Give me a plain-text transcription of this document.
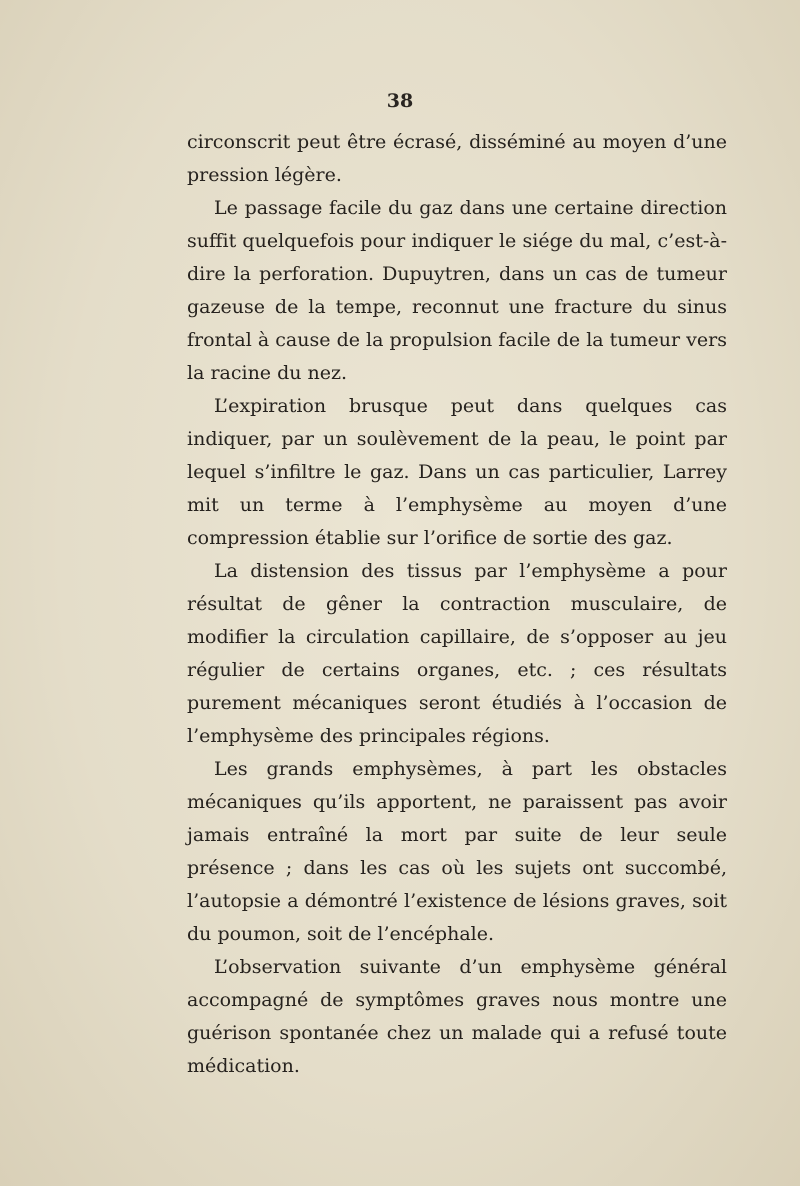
38

circonscrit peut être écrasé, disséminé au moyen d’une pression légère.

Le passage facile du gaz dans une certaine direction suffit quelquefois pour indiquer le siége du mal, c’est-à-dire la perforation. Dupuytren, dans un cas de tumeur gazeuse de la tempe, reconnut une fracture du sinus frontal à cause de la propulsion facile de la tumeur vers la racine du nez.

L’expiration brusque peut dans quelques cas indiquer, par un soulèvement de la peau, le point par lequel s’infiltre le gaz. Dans un cas particulier, Larrey mit un terme à l’emphysème au moyen d’une compression établie sur l’orifice de sortie des gaz.

La distension des tissus par l’emphysème a pour résultat de gêner la contraction musculaire, de modifier la circulation capillaire, de s’opposer au jeu régulier de certains organes, etc. ; ces résultats purement mécaniques seront étudiés à l’occasion de l’emphysème des principales régions.

Les grands emphysèmes, à part les obstacles mécaniques qu’ils apportent, ne paraissent pas avoir jamais entraîné la mort par suite de leur seule présence ; dans les cas où les sujets ont succombé, l’autopsie a démontré l’existence de lésions graves, soit du poumon, soit de l’encéphale.

L’observation suivante d’un emphysème général accompagné de symptômes graves nous montre une guérison spontanée chez un malade qui a refusé toute médication.
